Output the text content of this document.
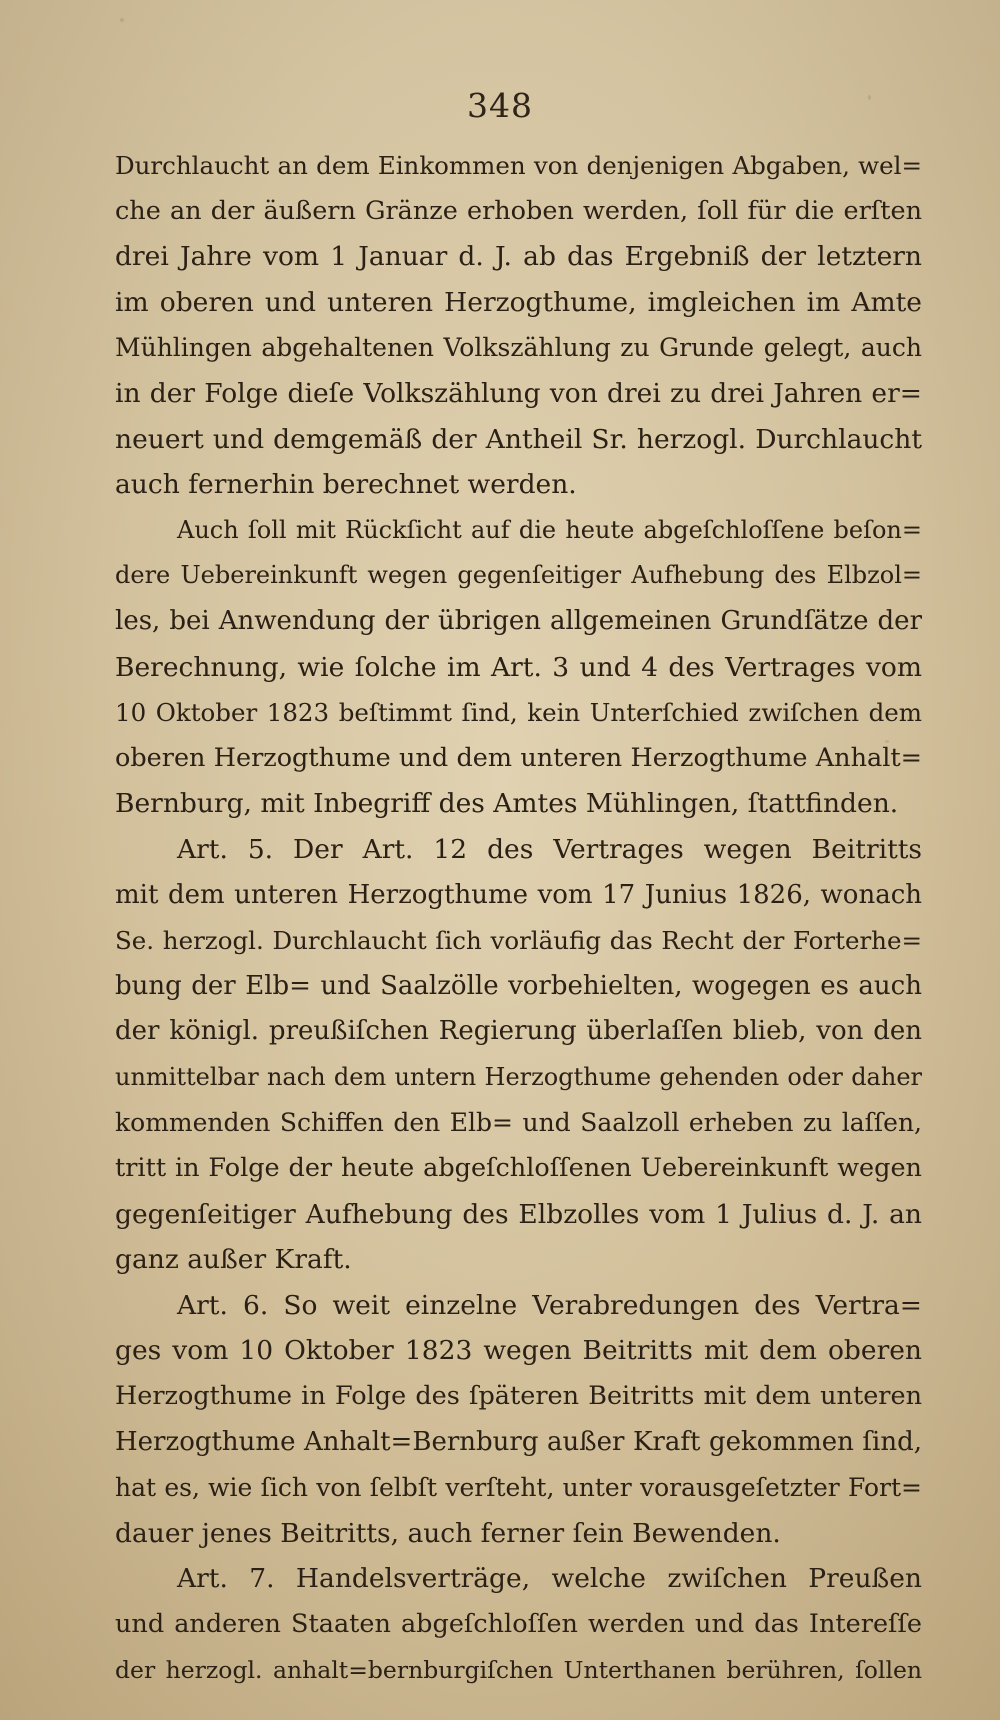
348
Durchlaucht an dem Einkommen von denjenigen Abgaben, wel=
che an der äußern Gränze erhoben werden, ſoll für die erſten
drei Jahre vom 1 Januar d. J. ab das Ergebniß der letztern
im oberen und unteren Herzogthume, imgleichen im Amte
Mühlingen abgehaltenen Volkszählung zu Grunde gelegt, auch
in der Folge dieſe Volkszählung von drei zu drei Jahren er=
neuert und demgemäß der Antheil Sr. herzogl. Durchlaucht
auch fernerhin berechnet werden.
Auch ſoll mit Rückſicht auf die heute abgeſchloſſene beſon=
dere Uebereinkunft wegen gegenſeitiger Aufhebung des Elbzol=
les, bei Anwendung der übrigen allgemeinen Grundſätze der
Berechnung, wie ſolche im Art. 3 und 4 des Vertrages vom
10 Oktober 1823 beſtimmt ſind, kein Unterſchied zwiſchen dem
oberen Herzogthume und dem unteren Herzogthume Anhalt=
Bernburg, mit Inbegriff des Amtes Mühlingen, ſtattfinden.
Art. 5. Der Art. 12 des Vertrages wegen Beitritts
mit dem unteren Herzogthume vom 17 Junius 1826, wonach
Se. herzogl. Durchlaucht ſich vorläufig das Recht der Forterhe=
bung der Elb= und Saalzölle vorbehielten, wogegen es auch
der königl. preußiſchen Regierung überlaſſen blieb, von den
unmittelbar nach dem untern Herzogthume gehenden oder daher
kommenden Schiffen den Elb= und Saalzoll erheben zu laſſen,
tritt in Folge der heute abgeſchloſſenen Uebereinkunft wegen
gegenſeitiger Aufhebung des Elbzolles vom 1 Julius d. J. an
ganz außer Kraft.
Art. 6. So weit einzelne Verabredungen des Vertra=
ges vom 10 Oktober 1823 wegen Beitritts mit dem oberen
Herzogthume in Folge des ſpäteren Beitritts mit dem unteren
Herzogthume Anhalt=Bernburg außer Kraft gekommen ſind,
hat es, wie ſich von ſelbſt verſteht, unter vorausgeſetzter Fort=
dauer jenes Beitritts, auch ferner ſein Bewenden.
Art. 7. Handelsverträge, welche zwiſchen Preußen
und anderen Staaten abgeſchloſſen werden und das Intereſſe
der herzogl. anhalt=bernburgiſchen Unterthanen berühren, ſollen
